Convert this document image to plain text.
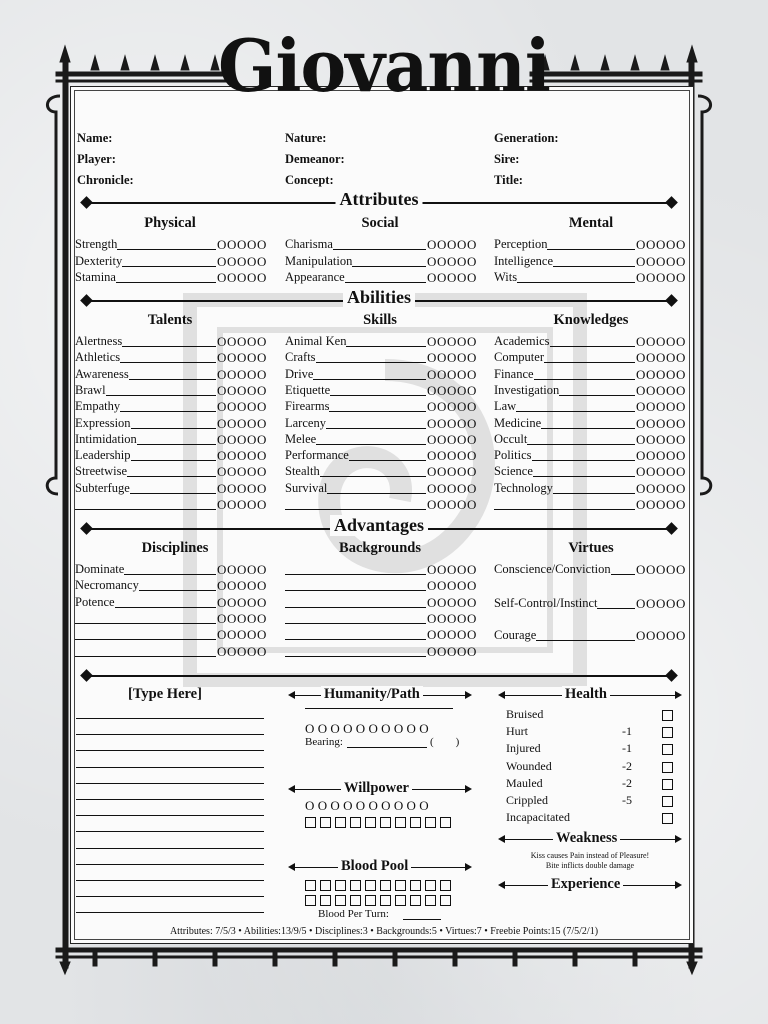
Giovanni
Name:
Player:
Chronicle:
Nature:
Demeanor:
Concept:
Generation:
Sire:
Title:
Attributes
Abilities
Advantages
Physical	Social	Mental
Talents	Skills	Knowledges
Disciplines	Backgrounds	Virtues
Strength	OOOOO
Dexterity	OOOOO
Stamina	OOOOO
Charisma	OOOOO
Manipulation	OOOOO
Appearance	OOOOO
Perception	OOOOO
Intelligence	OOOOO
Wits	OOOOO
Alertness	OOOOO
Athletics	OOOOO
Awareness	OOOOO
Brawl	OOOOO
Empathy	OOOOO
Expression	OOOOO
Intimidation	OOOOO
Leadership	OOOOO
Streetwise	OOOOO
Subterfuge	OOOOO
OOOOO
Animal Ken	OOOOO
Crafts	OOOOO
Drive	OOOOO
Etiquette	OOOOO
Firearms	OOOOO
Larceny	OOOOO
Melee	OOOOO
Performance	OOOOO
Stealth	OOOOO
Survival	OOOOO
OOOOO
Academics	OOOOO
Computer	OOOOO
Finance	OOOOO
Investigation	OOOOO
Law	OOOOO
Medicine	OOOOO
Occult	OOOOO
Politics	OOOOO
Science	OOOOO
Technology	OOOOO
OOOOO
Dominate	OOOOO
Necromancy	OOOOO
Potence	OOOOO
OOOOO
OOOOO
OOOOO
OOOOO
OOOOO
OOOOO
OOOOO
OOOOO
OOOOO
Conscience/Conviction OOOOO
Self-Control/Instinct	OOOOO
Courage	OOOOO
[Type Here]	Humanity/Path
Willpower
Blood Pool
Health
Weakness
Experience
OOOOOOOOOO
Bearing:	(        )
OOOOOOOOOO
Blood Per Turn:
Bruised
Hurt	-1
Injured	-1
Wounded	-2
Mauled	-2
Crippled	-5
Incapacitated
Kiss causes Pain instead of Pleasure!
Bite inflicts double damage
Attributes: 7/5/3 • Abilities:13/9/5 • Disciplines:3 • Backgrounds:5 • Virtues:7 • Freebie Points:15 (7/5/2/1)
